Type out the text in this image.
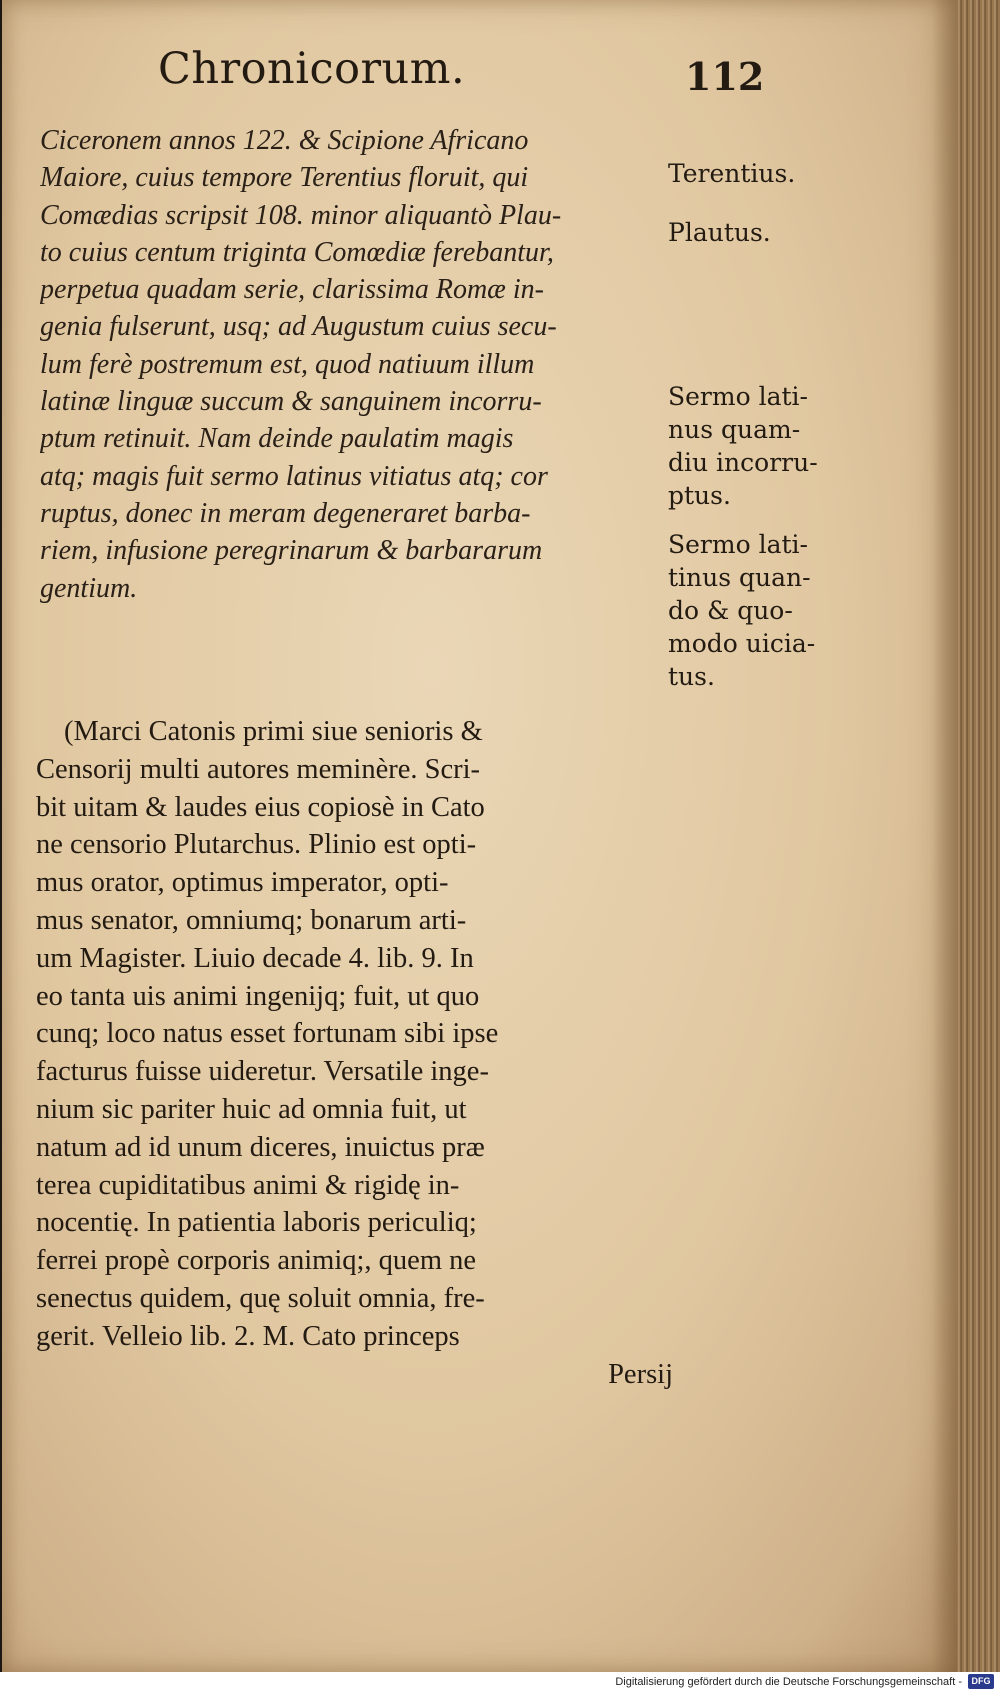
Chronicorum.	112
Ciceronem annos 122. & Scipione Africano
Maiore, cuius tempore Terentius floruit, qui
Comædias scripsit 108. minor aliquantò Plau-
to cuius centum triginta Comœdiæ ferebantur,
perpetua quadam serie, clarissima Romæ in-
genia fulserunt, usq; ad Augustum cuius secu-
lum ferè postremum est, quod natiuum illum
latinæ linguæ succum & sanguinem incorru-
ptum retinuit. Nam deinde paulatim magis
atq; magis fuit sermo latinus vitiatus atq; cor
ruptus, donec in meram degeneraret barba-
riem, infusione peregrinarum & barbararum
gentium.
(Marci Catonis primi siue senioris &
Censorij multi autores meminère. Scri-
bit uitam & laudes eius copiosè in Cato
ne censorio Plutarchus. Plinio est opti-
mus orator, optimus imperator, opti-
mus senator, omniumq; bonarum arti-
um Magister. Liuio decade 4. lib. 9. In
eo tanta uis animi ingenijq; fuit, ut quo
cunq; loco natus esset fortunam sibi ipse
facturus fuisse uideretur. Versatile inge-
nium sic pariter huic ad omnia fuit, ut
natum ad id unum diceres, inuictus præ
terea cupiditatibus animi & rigidę in-
nocentię. In patientia laboris periculiq;
ferrei propè corporis animiq;, quem ne
senectus quidem, quę soluit omnia, fre-
gerit. Velleio lib. 2. M. Cato princeps
Persij
Terentius.
Plautus.
Sermo lati-
nus quam-
diu incorru-
ptus.
Sermo lati-
tinus quan-
do & quo-
modo uicia-
tus.
Digitalisierung gefördert durch die Deutsche Forschungsgemeinschaft -	DFG
